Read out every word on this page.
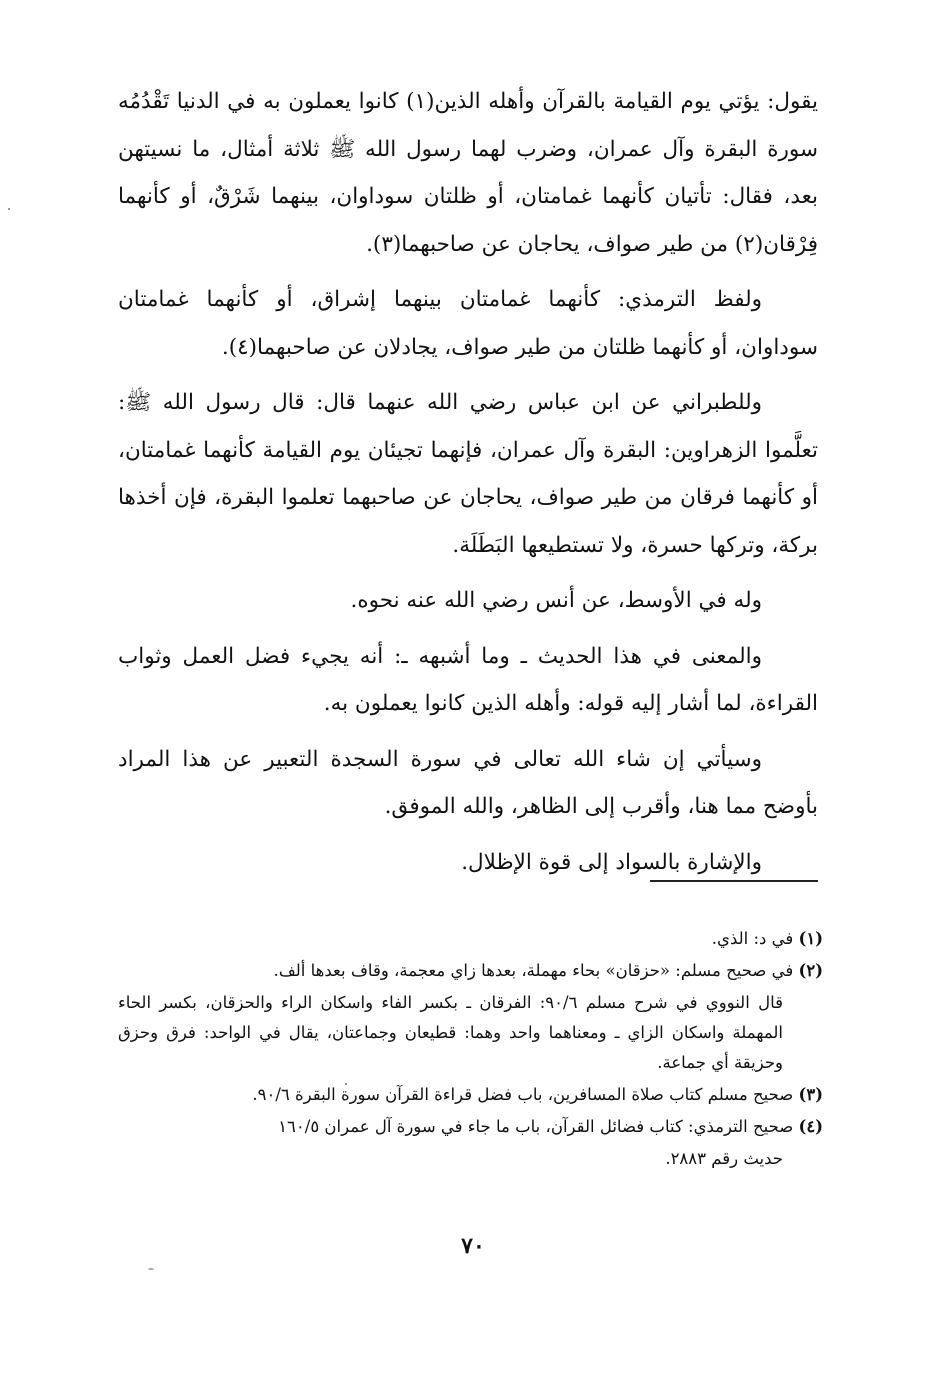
يقول: يؤتي يوم القيامة بالقرآن وأهله الذين(١) كانوا يعملون به في الدنيا تَقْدُمُه سورة البقرة وآل عمران، وضرب لهما رسول الله ﷺ ثلاثة أمثال، ما نسيتهن بعد، فقال: تأتيان كأنهما غمامتان، أو ظلتان سوداوان، بينهما شَرْقٌ، أو كأنهما فِرْقان(٢) من طير صواف، يحاجان عن صاحبهما(٣).

ولفظ الترمذي: كأنهما غمامتان بينهما إشراق، أو كأنهما غمامتان سوداوان، أو كأنهما ظلتان من طير صواف، يجادلان عن صاحبهما(٤).

وللطبراني عن ابن عباس رضي الله عنهما قال: قال رسول الله ﷺ: تعلَّموا الزهراوين: البقرة وآل عمران، فإنهما تجيئان يوم القيامة كأنهما غمامتان، أو كأنهما فرقان من طير صواف، يحاجان عن صاحبهما تعلموا البقرة، فإن أخذها بركة، وتركها حسرة، ولا تستطيعها البَطَلَة.

وله في الأوسط، عن أنس رضي الله عنه نحوه.

والمعنى في هذا الحديث ـ وما أشبهه ـ: أنه يجيء فضل العمل وثواب القراءة، لما أشار إليه قوله: وأهله الذين كانوا يعملون به.

وسيأتي إن شاء الله تعالى في سورة السجدة التعبير عن هذا المراد بأوضح مما هنا، وأقرب إلى الظاهر، والله الموفق.

والإشارة بالسواد إلى قوة الإظلال.

(١) في د: الذي.

(٢) في صحيح مسلم: «حزقان» بحاء مهملة، بعدها زاي معجمة، وقاف بعدها ألف.

قال النووي في شرح مسلم ٩٠/٦: الفرقان ـ بكسر الفاء واسكان الراء والحزقان، بكسر الحاء المهملة واسكان الزاي ـ ومعناهما واحد وهما: قطيعان وجماعتان، يقال في الواحد: فرق وحزق وحزيقة أي جماعة.

(٣) صحيح مسلم كتاب صلاة المسافرين، باب فضل قراءة القرآن سورة البقرة ٩٠/٦.

(٤) صحيح الترمذي: كتاب فضائل القرآن، باب ما جاء في سورة آل عمران ١٦٠/٥

حديث رقم ٢٨٨٣.

٧٠
